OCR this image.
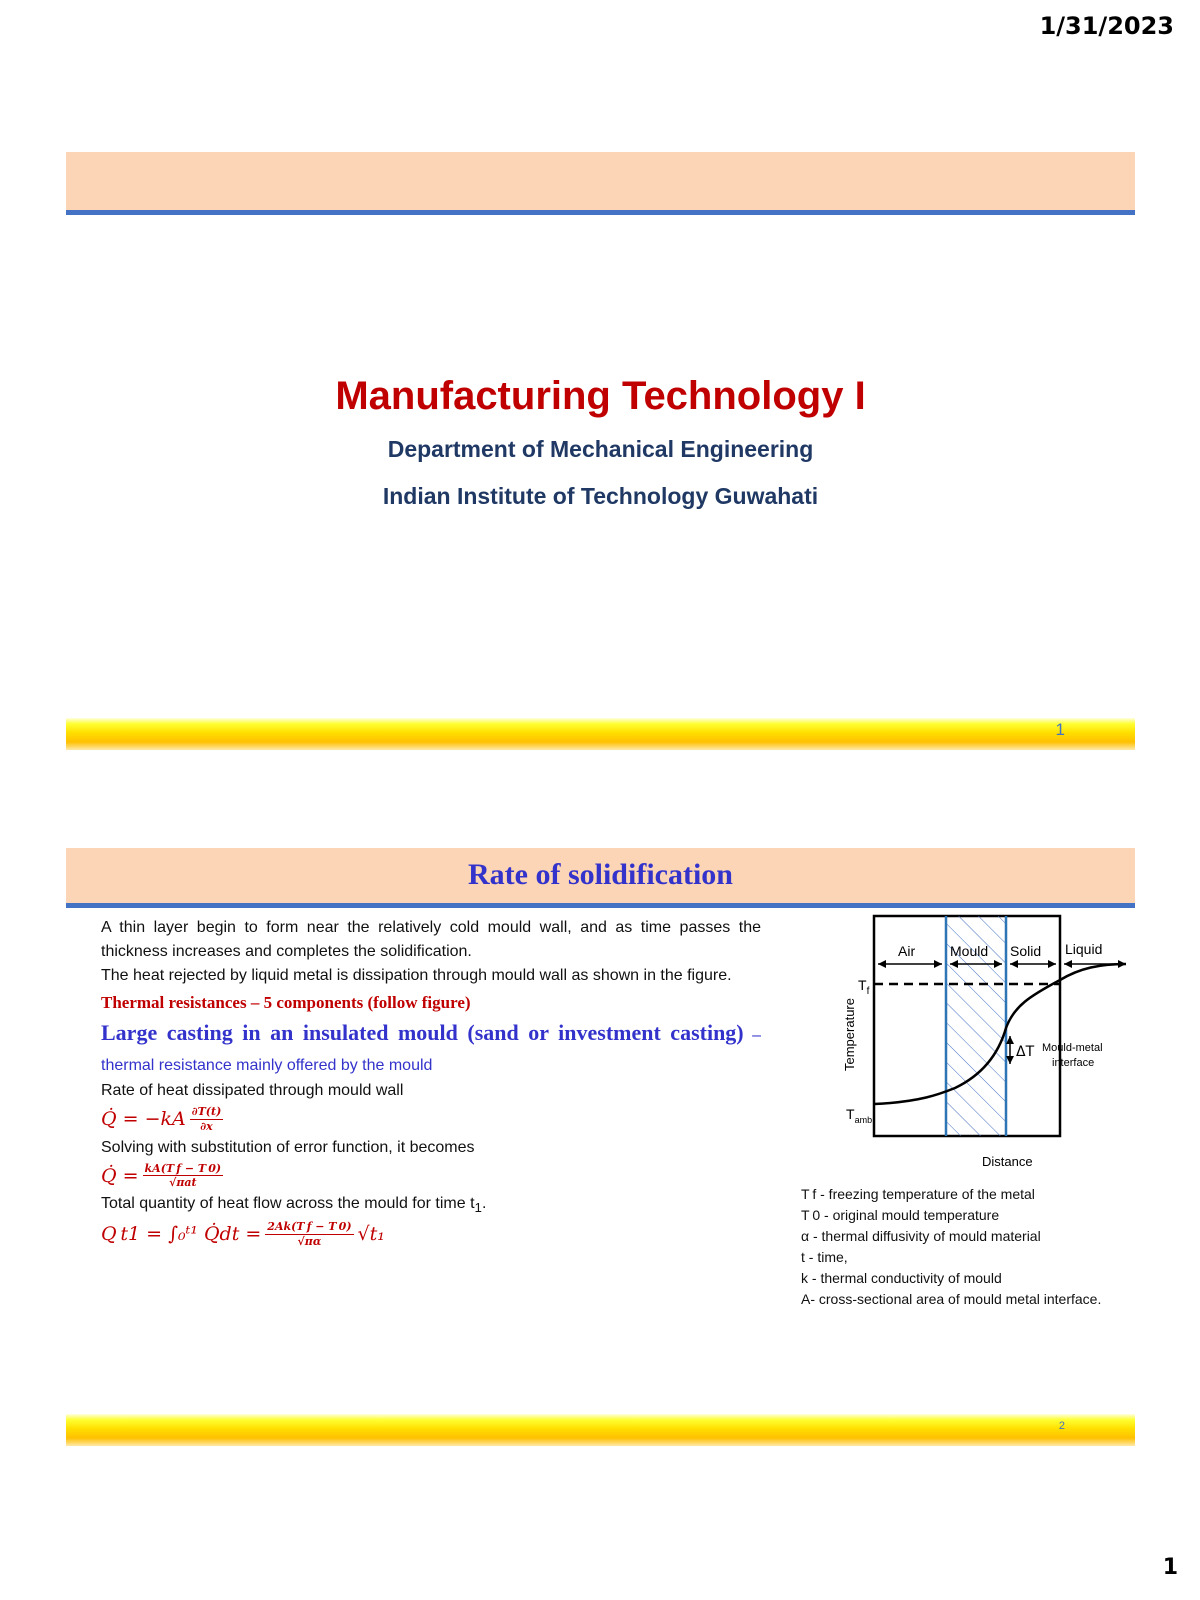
1/31/2023
Manufacturing Technology I
Department of Mechanical Engineering
Indian Institute of Technology Guwahati
1
Rate of solidification

A thin layer begin to form near the relatively cold mould wall, and as time passes the thickness increases and completes the solidification.

The heat rejected by liquid metal is dissipation through mould wall as shown in the figure.

Thermal resistances – 5 components (follow figure)

Large casting in an insulated mould (sand or investment casting) – thermal resistance mainly offered by the mould

Rate of heat dissipated through mould wall

Q̇ = $-kA \frac{\partial T(t)}{\partial x}$

Solving with substitution of error function, it becomes

Q̇ = $\frac{\text{kA(T f − T 0)}}{\text{√πat}}$

Total quantity of heat flow across the mould for time $t_1$.

Q t1 = ∫₀ᵗ¹ Q̇dt = $\frac{\text{2Ak(T f − T 0)}}{√\pi\alpha} √t_1$

Air Mould Solid Liquid
ΔT Mould-metal
interface
$T_f$
$T_{amb}$
Temperature
Distance

T f - freezing temperature of the metal

T 0 - original mould temperature

α - thermal diffusivity of mould material

t - time,

k - thermal conductivity of mould

A- cross-sectional area of mould metal interface.

2
1
